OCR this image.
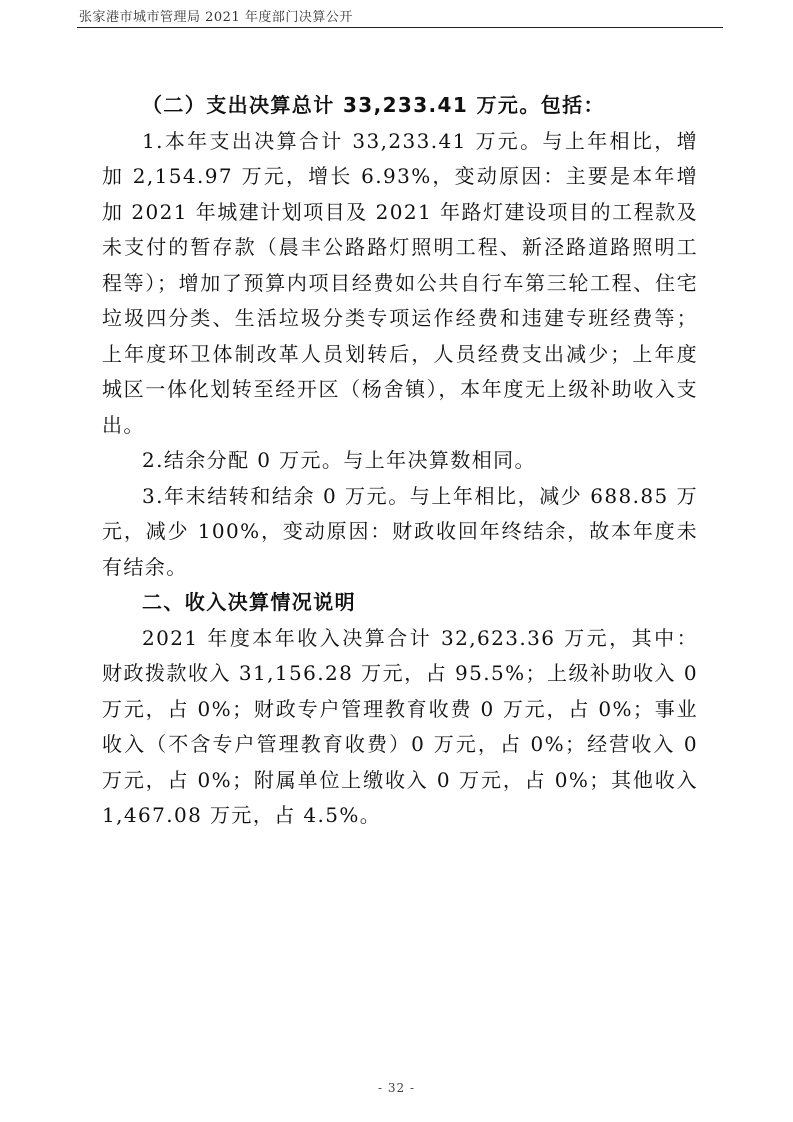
张家港市城市管理局 2021 年度部门决算公开

（二）支出决算总计 33,233.41 万元。包括：

1.本年支出决算合计 33,233.41 万元。与上年相比，增加 2,154.97 万元，增长 6.93%，变动原因：主要是本年增加 2021 年城建计划项目及 2021 年路灯建设项目的工程款及未支付的暂存款（晨丰公路路灯照明工程、新泾路道路照明工程等）；增加了预算内项目经费如公共自行车第三轮工程、住宅垃圾四分类、生活垃圾分类专项运作经费和违建专班经费等；上年度环卫体制改革人员划转后，人员经费支出减少；上年度城区一体化划转至经开区（杨舍镇），本年度无上级补助收入支出。

2.结余分配 0 万元。与上年决算数相同。

3.年末结转和结余 0 万元。与上年相比，减少 688.85 万元，减少 100%，变动原因：财政收回年终结余，故本年度未有结余。

二、收入决算情况说明

2021 年度本年收入决算合计 32,623.36 万元，其中：财政拨款收入 31,156.28 万元，占 95.5%；上级补助收入 0 万元，占 0%；财政专户管理教育收费 0 万元，占 0%；事业收入（不含专户管理教育收费）0 万元，占 0%；经营收入 0 万元，占 0%；附属单位上缴收入 0 万元，占 0%；其他收入 1,467.08 万元，占 4.5%。

- 32 -
